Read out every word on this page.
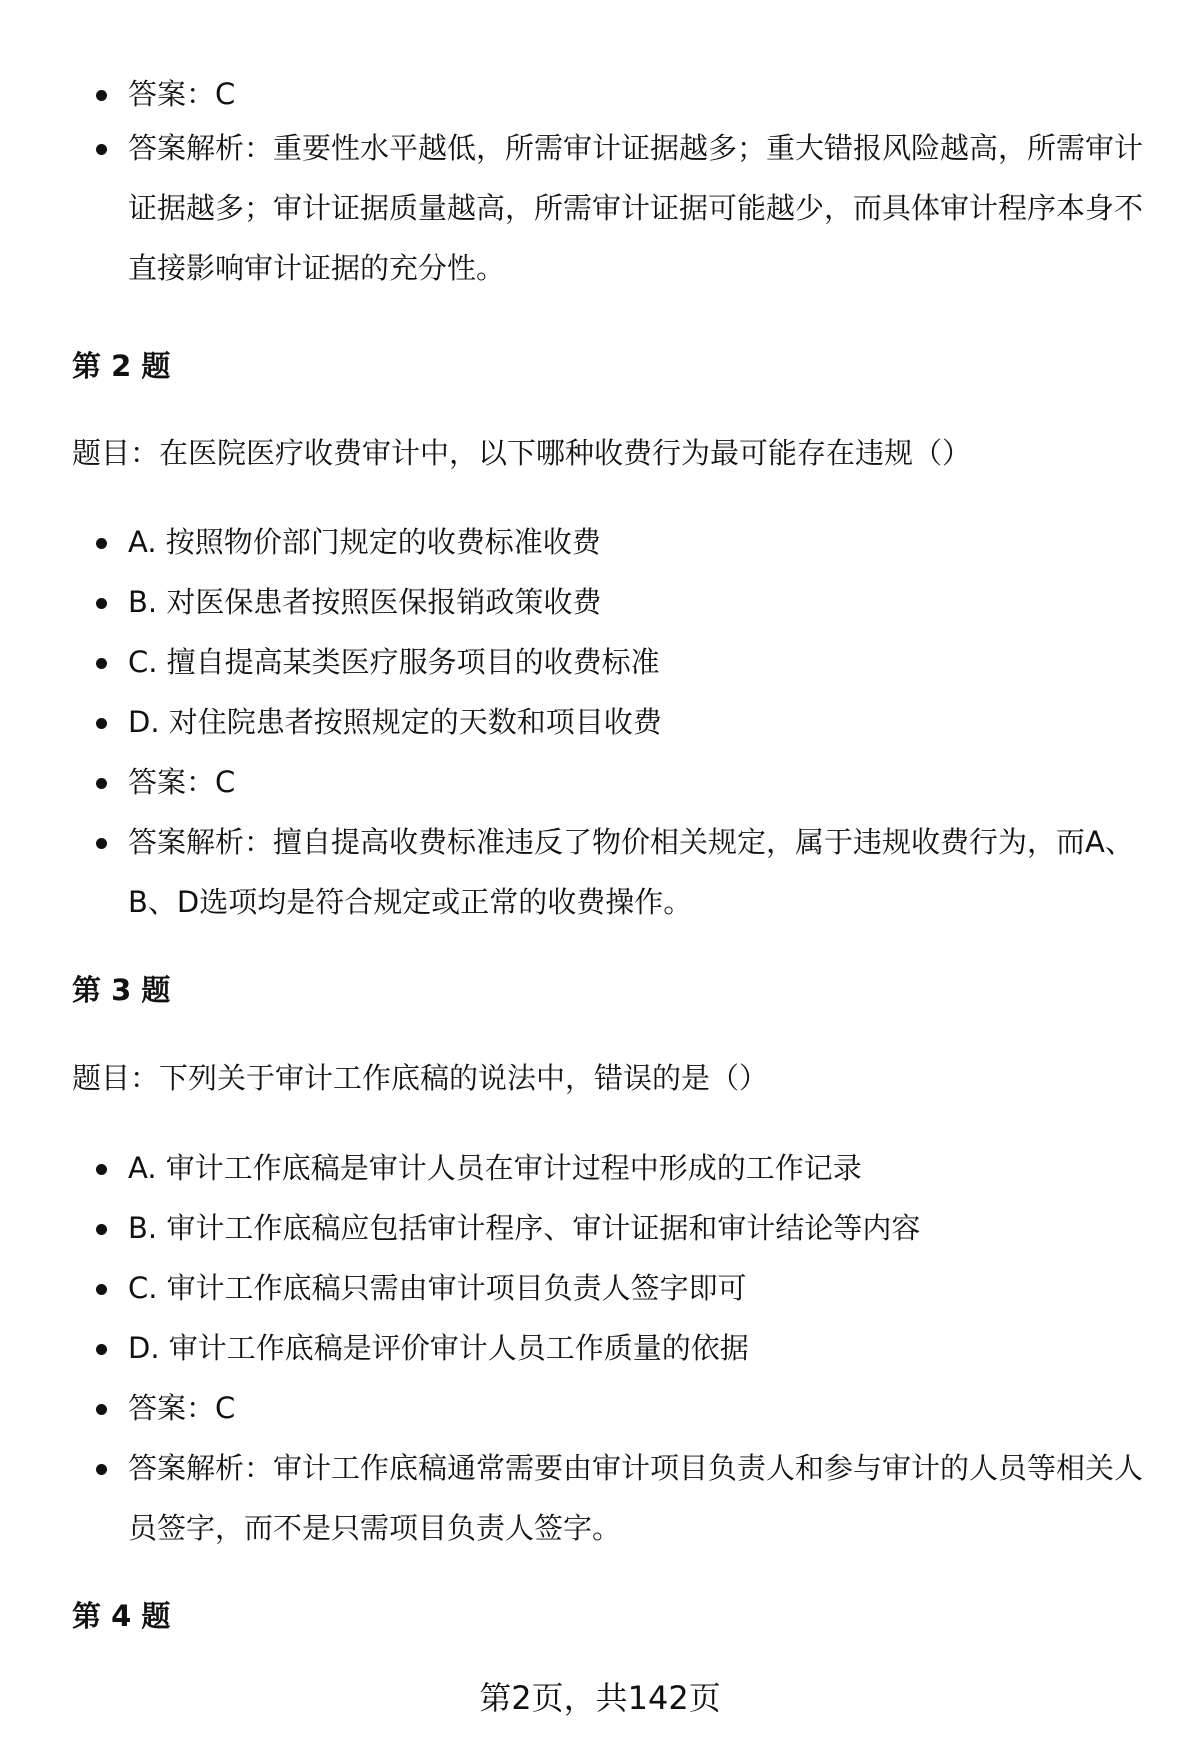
答案：C
答案解析：重要性水平越低，所需审计证据越多；重大错报风险越高，所需审计证据越多；审计证据质量越高，所需审计证据可能越少，而具体审计程序本身不直接影响审计证据的充分性。
第 2 题

题目：在医院医疗收费审计中，以下哪种收费行为最可能存在违规（）

A. 按照物价部门规定的收费标准收费
B. 对医保患者按照医保报销政策收费
C. 擅自提高某类医疗服务项目的收费标准
D. 对住院患者按照规定的天数和项目收费
答案：C
答案解析：擅自提高收费标准违反了物价相关规定，属于违规收费行为，而A、B、D选项均是符合规定或正常的收费操作。
第 3 题

题目：下列关于审计工作底稿的说法中，错误的是（）

A. 审计工作底稿是审计人员在审计过程中形成的工作记录
B. 审计工作底稿应包括审计程序、审计证据和审计结论等内容
C. 审计工作底稿只需由审计项目负责人签字即可
D. 审计工作底稿是评价审计人员工作质量的依据
答案：C
答案解析：审计工作底稿通常需要由审计项目负责人和参与审计的人员等相关人员签字，而不是只需项目负责人签字。
第 4 题
第2页，共142页
